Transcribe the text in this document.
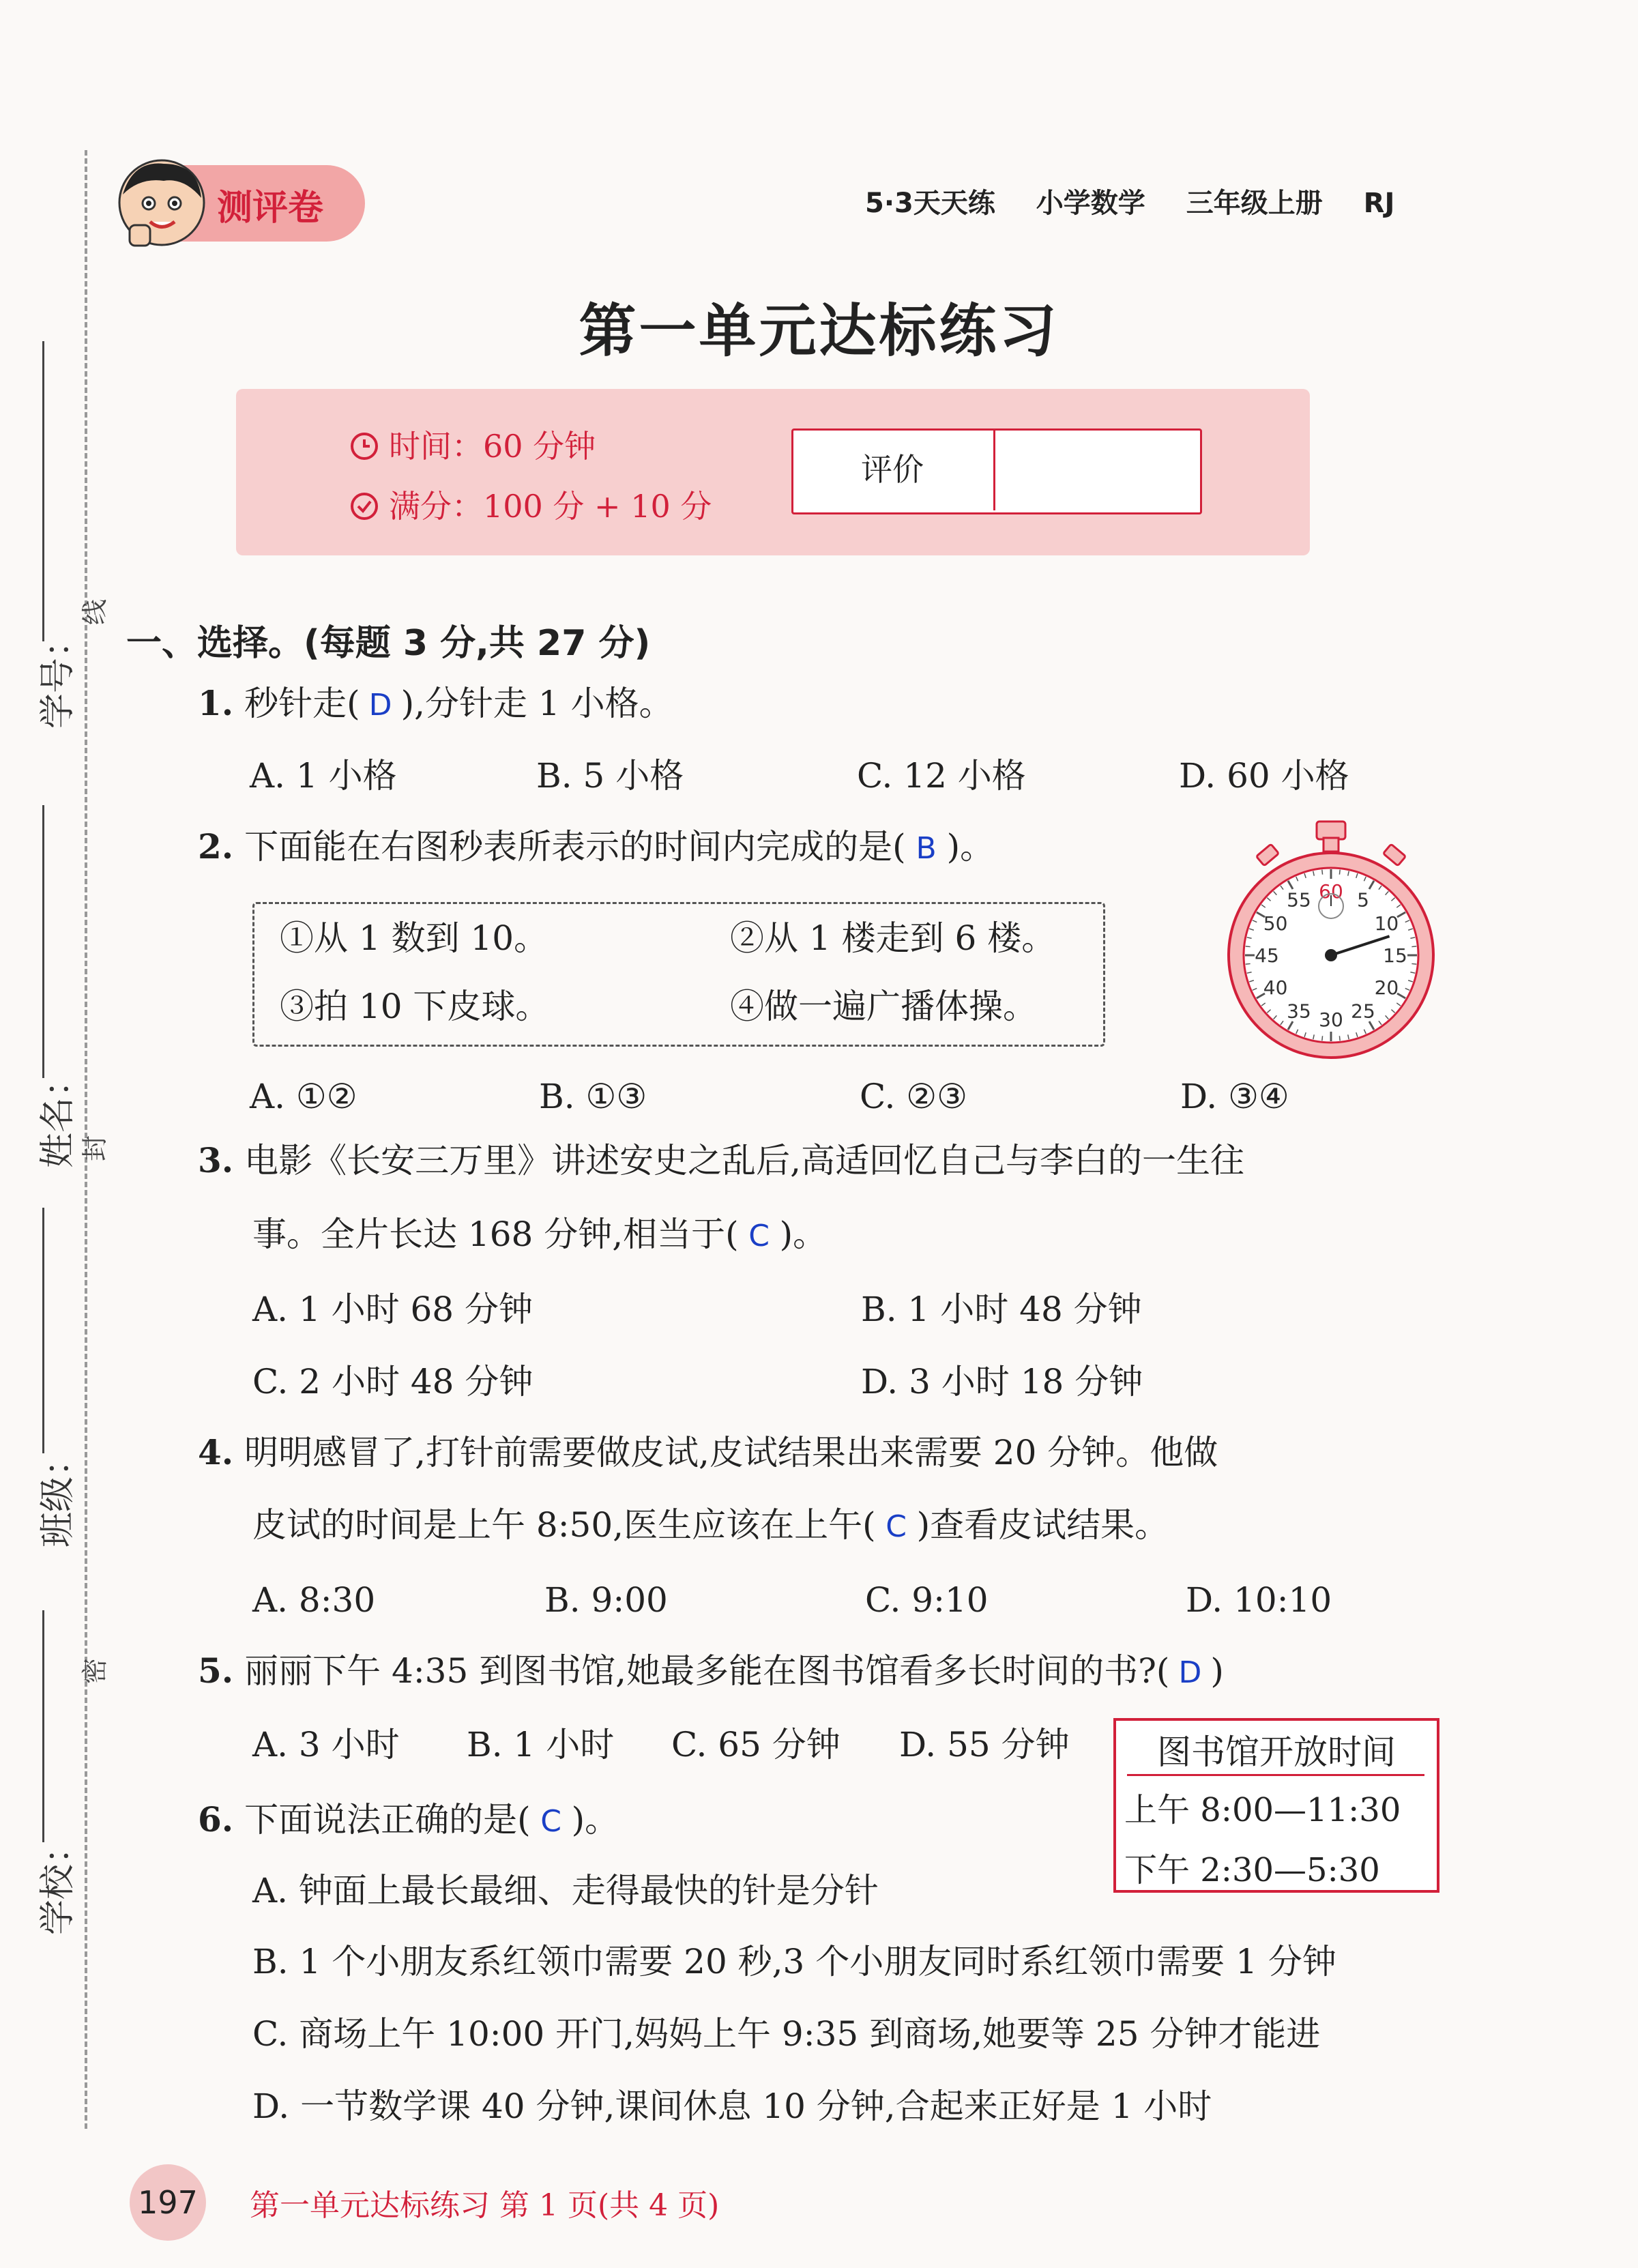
学号：
线
姓名： 封
班级：
密
学校：
测评卷	5·3天天练 小学数学 三年级上册 RJ
第一单元达标练习
时间：60 分钟
满分：100 分 + 10 分
评价
一、选择。(每题 3 分,共 27 分)
1. 秒针走( D ),分针走 1 小格。
A. 1 小格	B. 5 小格	C. 12 小格	D. 60 小格
2. 下面能在右图秒表所表示的时间内完成的是( B )。
①从 1 数到 10。	②从 1 楼走到 6 楼。
③拍 10 下皮球。	④做一遍广播体操。
A. ①②	B. ①③	C. ②③	D. ③④
60 5
10
15
20
25
30
35
40
45
50
55
3. 电影《长安三万里》讲述安史之乱后,高适回忆自己与李白的一生往
事。全片长达 168 分钟,相当于( C )。
A. 1 小时 68 分钟	B. 1 小时 48 分钟
C. 2 小时 48 分钟	D. 3 小时 18 分钟
4. 明明感冒了,打针前需要做皮试,皮试结果出来需要 20 分钟。他做
皮试的时间是上午 8:50,医生应该在上午( C )查看皮试结果。
A. 8:30	B. 9:00	C. 9:10	D. 10:10
5. 丽丽下午 4:35 到图书馆,她最多能在图书馆看多长时间的书?( D )
A. 3 小时 B. 1 小时 C. 65 分钟 D. 55 分钟	图书馆开放时间
上午 8:00—11:30
下午 2:30—5:30
6. 下面说法正确的是( C )。
A. 钟面上最长最细、走得最快的针是分针
B. 1 个小朋友系红领巾需要 20 秒,3 个小朋友同时系红领巾需要 1 分钟
C. 商场上午 10:00 开门,妈妈上午 9:35 到商场,她要等 25 分钟才能进
D. 一节数学课 40 分钟,课间休息 10 分钟,合起来正好是 1 小时
197 第一单元达标练习 第 1 页(共 4 页)
